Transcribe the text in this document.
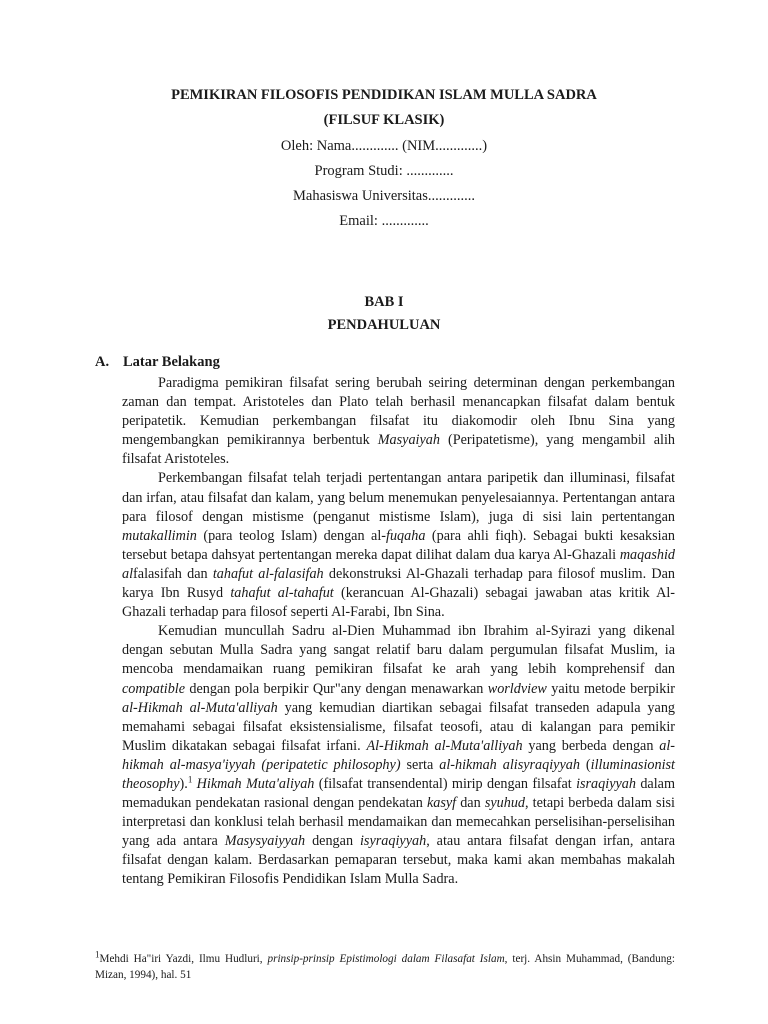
PEMIKIRAN FILOSOFIS PENDIDIKAN ISLAM MULLA SADRA
(FILSUF KLASIK)
Oleh: Nama............. (NIM.............)
Program Studi: .............
Mahasiswa Universitas.............
Email: .............
BAB I
PENDAHULUAN
A. Latar Belakang

Paradigma pemikiran filsafat sering berubah seiring determinan dengan perkembangan zaman dan tempat. Aristoteles dan Plato telah berhasil menancapkan filsafat dalam bentuk peripatetik. Kemudian perkembangan filsafat itu diakomodir oleh Ibnu Sina yang mengembangkan pemikirannya berbentuk Masyaiyah (Peripatetisme), yang mengambil alih filsafat Aristoteles.

Perkembangan filsafat telah terjadi pertentangan antara paripetik dan illuminasi, filsafat dan irfan, atau filsafat dan kalam, yang belum menemukan penyelesaiannya. Pertentangan antara para filosof dengan mistisme (penganut mistisme Islam), juga di sisi lain pertentangan mutakallimin (para teolog Islam) dengan al-fuqaha (para ahli fiqh). Sebagai bukti kesaksian tersebut betapa dahsyat pertentangan mereka dapat dilihat dalam dua karya Al-Ghazali maqashid alfalasifah dan tahafut al-falasifah dekonstruksi Al-Ghazali terhadap para filosof muslim. Dan karya Ibn Rusyd tahafut al-tahafut (kerancuan Al-Ghazali) sebagai jawaban atas kritik Al-Ghazali terhadap para filosof seperti Al-Farabi, Ibn Sina.

Kemudian muncullah Sadru al-Dien Muhammad ibn Ibrahim al-Syirazi yang dikenal dengan sebutan Mulla Sadra yang sangat relatif baru dalam pergumulan filsafat Muslim, ia mencoba mendamaikan ruang pemikiran filsafat ke arah yang lebih komprehensif dan compatible dengan pola berpikir Qur"any dengan menawarkan worldview yaitu metode berpikir al-Hikmah al-Muta'alliyah yang kemudian diartikan sebagai filsafat transeden adapula yang memahami sebagai filsafat eksistensialisme, filsafat teosofi, atau di kalangan para pemikir Muslim dikatakan sebagai filsafat irfani. Al-Hikmah al-Muta'alliyah yang berbeda dengan al-hikmah al-masya'iyyah (peripatetic philosophy) serta al-hikmah alisyraqiyyah (illuminasionist theosophy).$^1$ Hikmah Muta'aliyah (filsafat transendental) mirip dengan filsafat israqiyyah dalam memadukan pendekatan rasional dengan pendekatan kasyf dan syuhud, tetapi berbeda dalam sisi interpretasi dan konklusi telah berhasil mendamaikan dan memecahkan perselisihan-perselisihan yang ada antara Masysyaiyyah dengan isyraqiyyah, atau antara filsafat dengan irfan, antara filsafat dengan kalam. Berdasarkan pemaparan tersebut, maka kami akan membahas makalah tentang Pemikiran Filosofis Pendidikan Islam Mulla Sadra.

$^1$Mehdi Ha"iri Yazdi, Ilmu Hudluri, prinsip-prinsip Epistimologi dalam Filasafat Islam, terj. Ahsin Muhammad, (Bandung: Mizan, 1994), hal. 51
